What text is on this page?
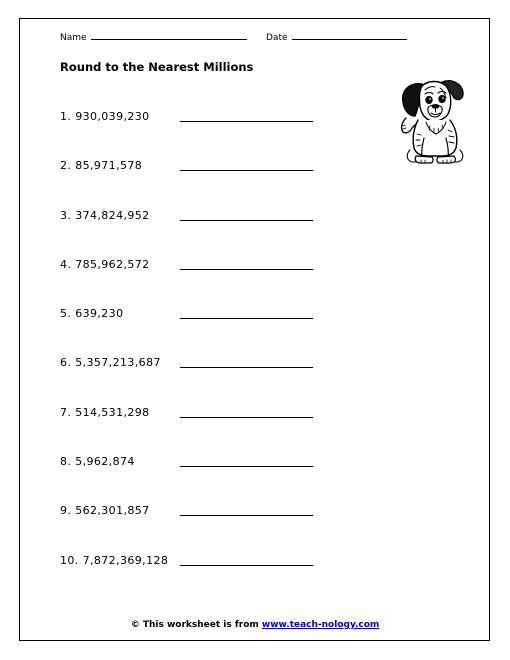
Name	Date
Round to the Nearest Millions
1. 930,039,230
2. 85,971,578
3. 374,824,952
4. 785,962,572
5. 639,230
6. 5,357,213,687
7. 514,531,298
8. 5,962,874
9. 562,301,857
10. 7,872,369,128
© This worksheet is from www.teach-nology.com
